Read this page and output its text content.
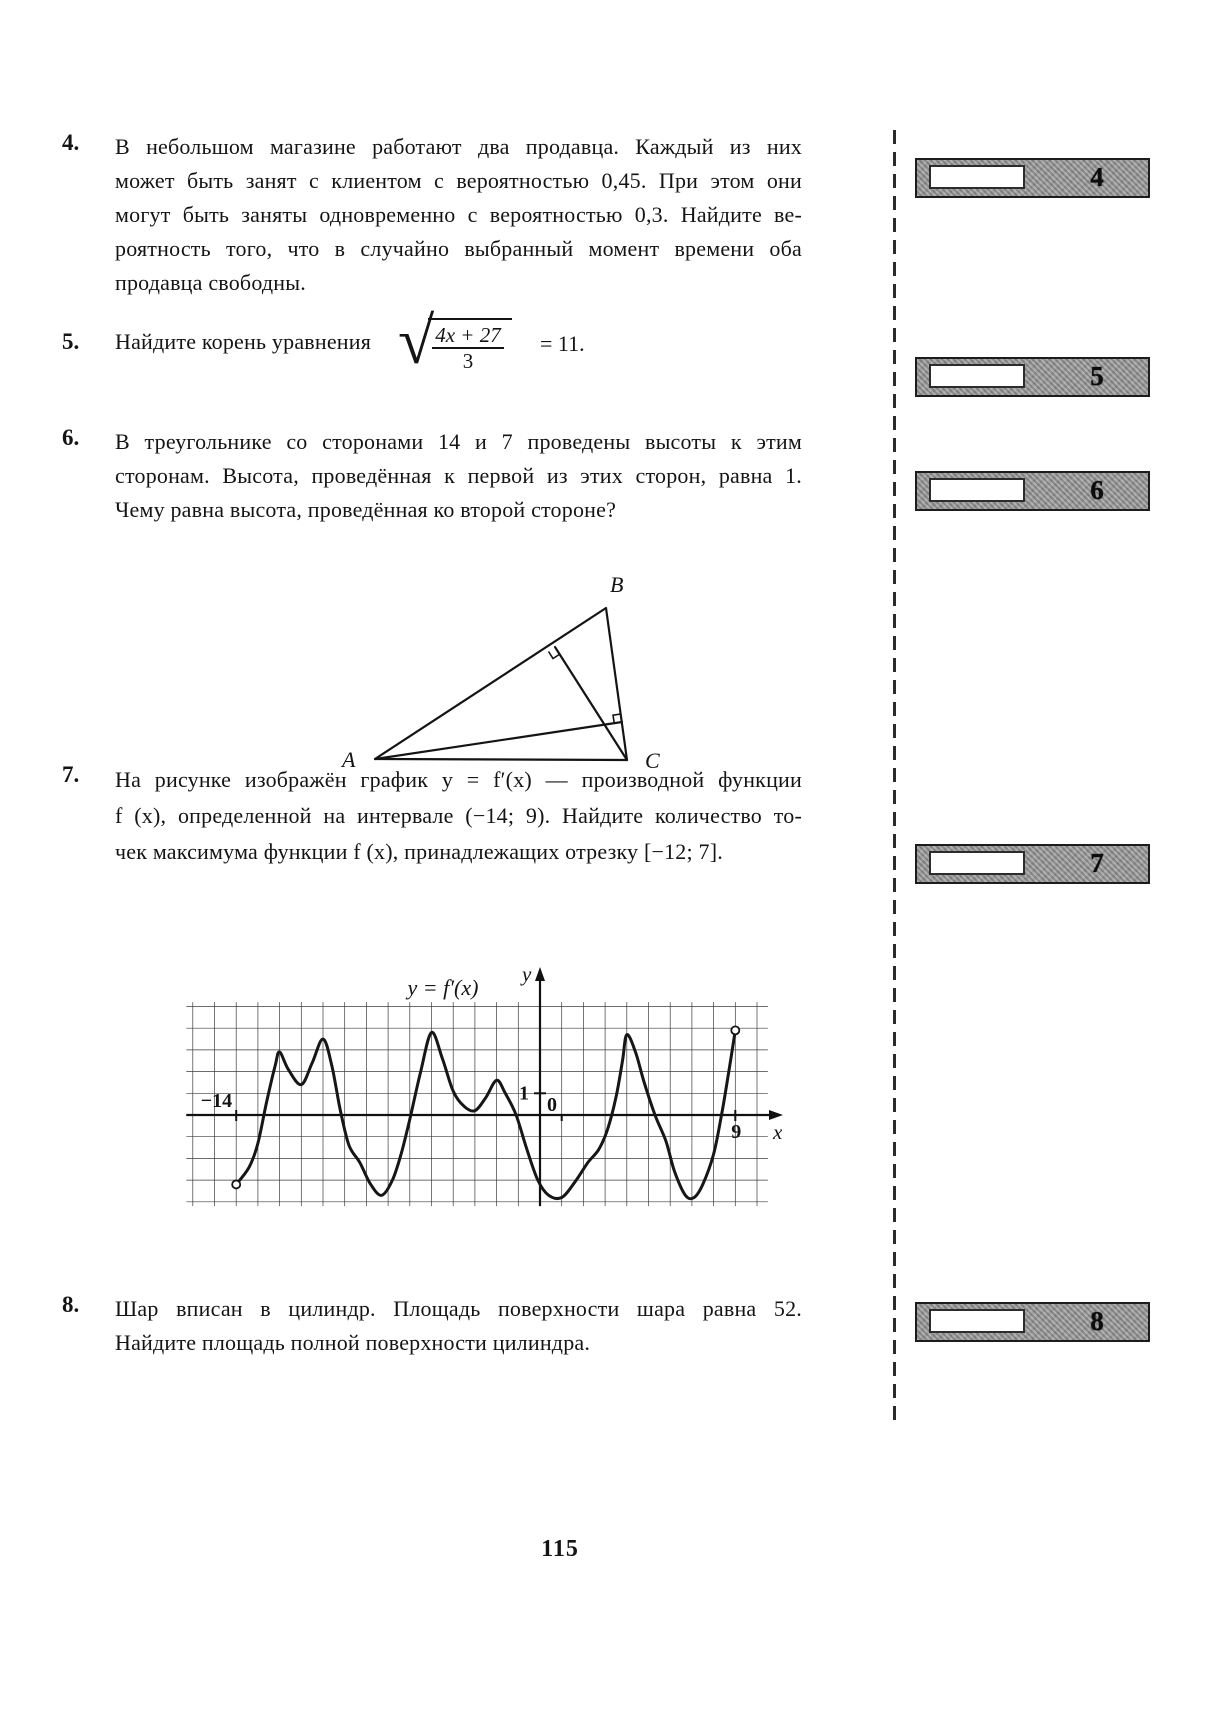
4. В небольшом магазине работают два продавца. Каждый из них
может быть занят с клиентом с вероятностью 0,45. При этом они
могут быть заняты одновременно с вероятностью 0,3. Найдите ве-
роятность того, что в случайно выбранный момент времени оба
продавца свободны.
5. Найдите корень уравнения √
$\frac{4x + 27}{3} = 11$.
6. В треугольнике со сторонами 14 и 7 проведены высоты к этим
сторонам. Высота, проведённая к первой из этих сторон, равна 1.
Чему равна высота, проведённая ко второй стороне?
A
B
C
7. На рисунке изображён график y = f′(x) — производной функции
f (x), определенной на интервале (−14; 9). Найдите количество то-
чек максимума функции f (x), принадлежащих отрезку [−12; 7].
−14
9
1
0
y
x
y = f′(x)
8. Шар вписан в цилиндр. Площадь поверхности шара равна 52.
Найдите площадь полной поверхности цилиндра.
4
5
6
7
8
115
